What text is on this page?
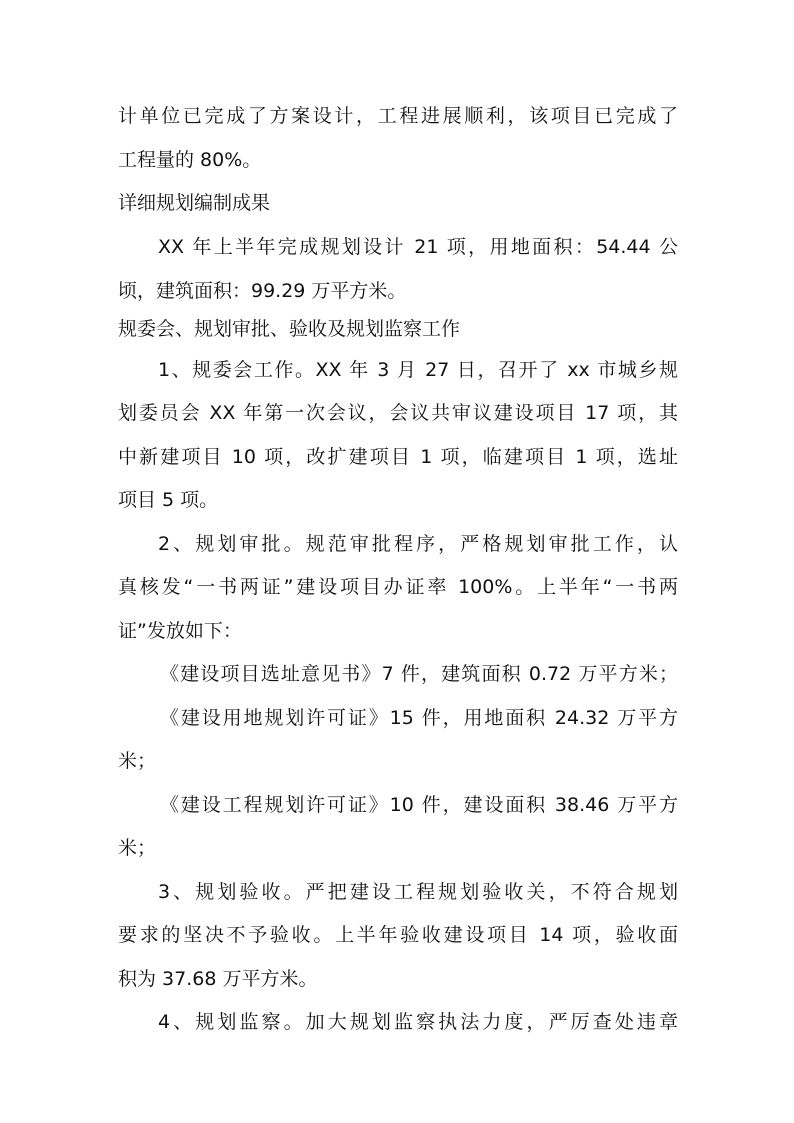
计单位已完成了方案设计，工程进展顺利，该项目已完成了
工程量的 80%。
详细规划编制成果
XX 年上半年完成规划设计 21 项，用地面积：54.44 公
顷，建筑面积：99.29 万平方米。
规委会、规划审批、验收及规划监察工作
1、规委会工作。XX 年 3 月 27 日，召开了 xx 市城乡规
划委员会 XX 年第一次会议，会议共审议建设项目 17 项，其
中新建项目 10 项，改扩建项目 1 项，临建项目 1 项，选址
项目 5 项。
2、规划审批。规范审批程序，严格规划审批工作，认
真核发“一书两证”建设项目办证率 100%。上半年“一书两
证”发放如下：
《建设项目选址意见书》7 件，建筑面积 0.72 万平方米；
《建设用地规划许可证》15 件，用地面积 24.32 万平方
米；
《建设工程规划许可证》10 件，建设面积 38.46 万平方
米；
3、规划验收。严把建设工程规划验收关，不符合规划
要求的坚决不予验收。上半年验收建设项目 14 项，验收面
积为 37.68 万平方米。
4、规划监察。加大规划监察执法力度，严厉查处违章
